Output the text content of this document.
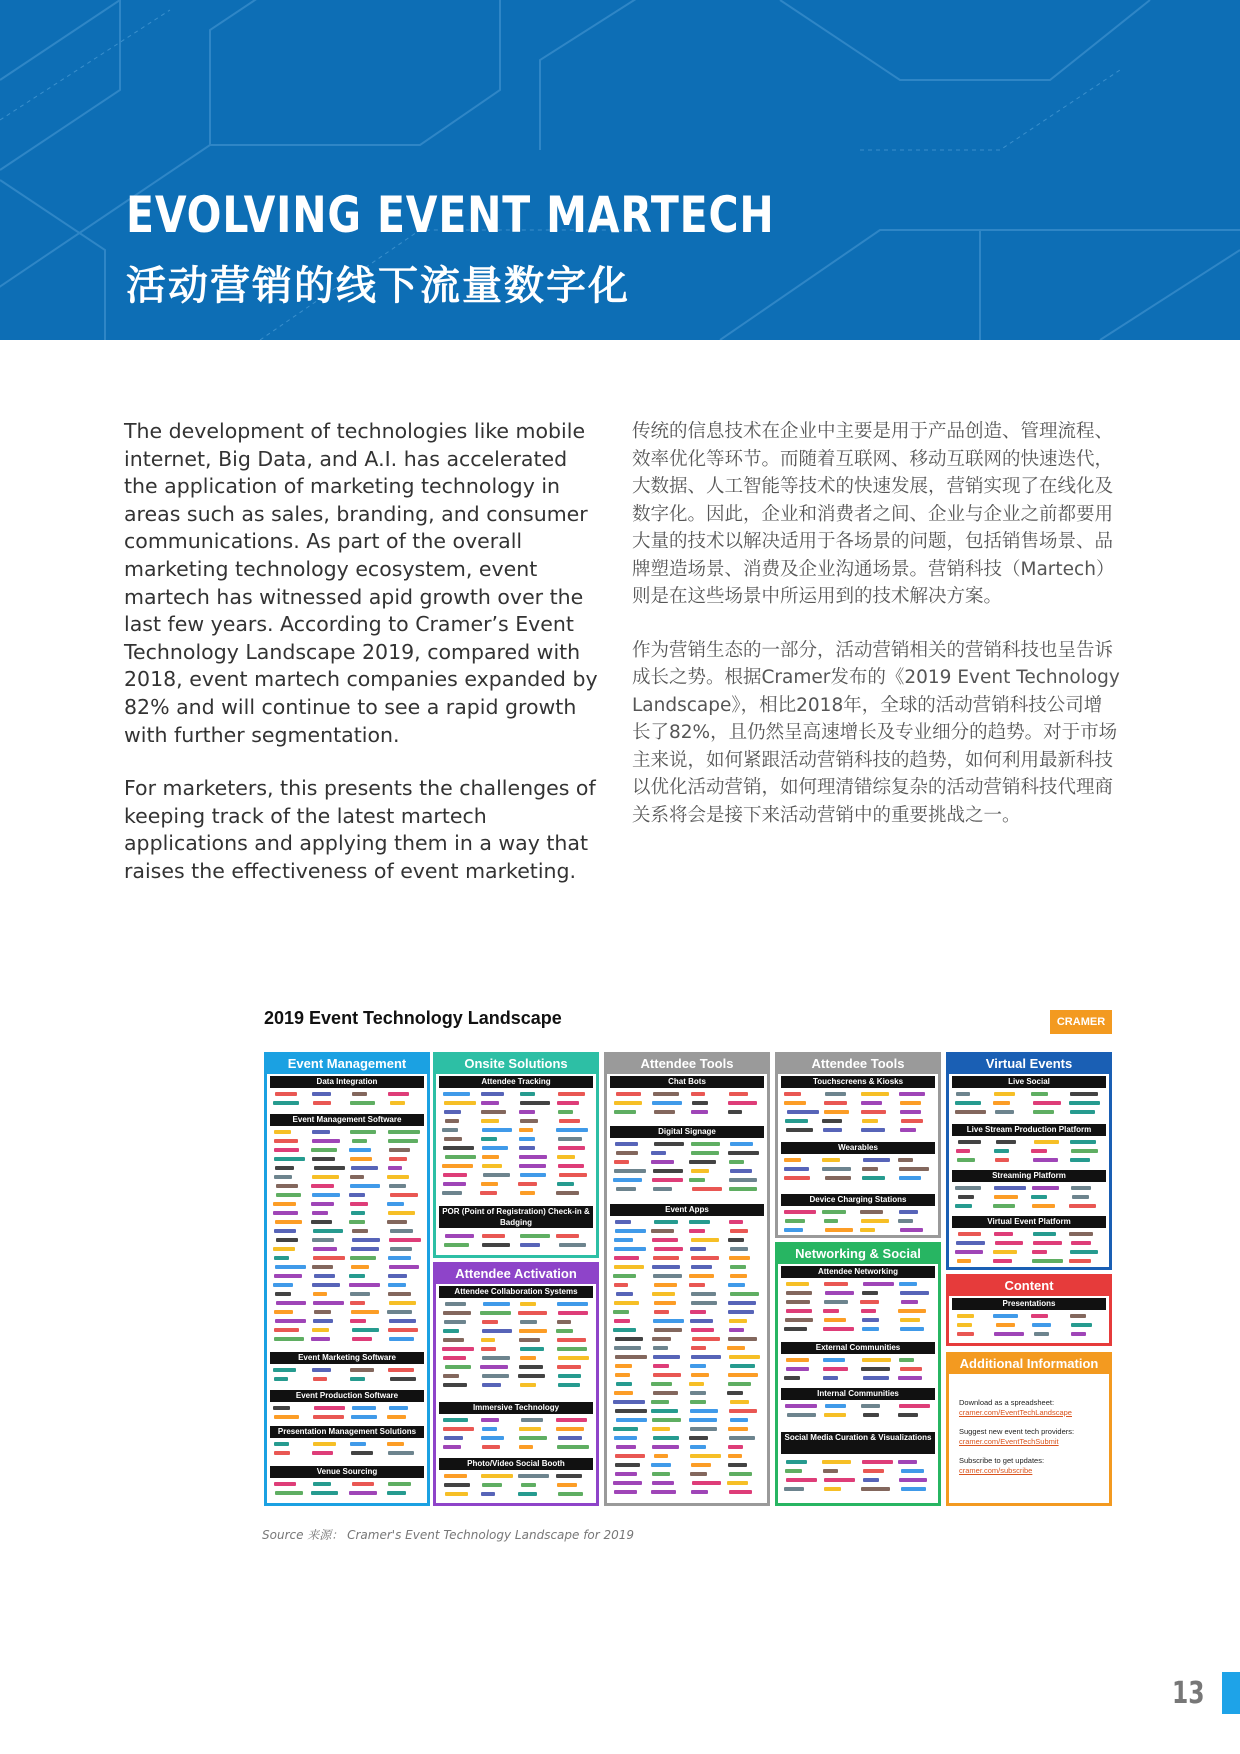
EVOLVING EVENT MARTECH
活动营销的线下流量数字化

The development of technologies like mobile internet, Big Data, and A.I. has accelerated the application of marketing technology in areas such as sales, branding, and consumer communications. As part of the overall marketing technology ecosystem, event martech has witnessed apid growth over the last few years. According to Cramer’s Event Technology Landscape 2019, compared with 2018, event martech companies expanded by 82% and will continue to see a rapid growth with further segmentation.

For marketers, this presents the challenges of keeping track of the latest martech applications and applying them in a way that raises the effectiveness of event marketing.

传统的信息技术在企业中主要是用于产品创造、管理流程、效率优化等环节。而随着互联网、移动互联网的快速迭代，大数据、人工智能等技术的快速发展，营销实现了在线化及数字化。因此，企业和消费者之间、企业与企业之前都要用大量的技术以解决适用于各场景的问题，包括销售场景、品牌塑造场景、消费及企业沟通场景。营销科技（Martech）则是在这些场景中所运用到的技术解决方案。

作为营销生态的一部分，活动营销相关的营销科技也呈告诉成长之势。根据Cramer发布的《2019 Event Technology Landscape》，相比2018年，全球的活动营销科技公司增长了82%，且仍然呈高速增长及专业细分的趋势。对于市场主来说，如何紧跟活动营销科技的趋势，如何利用最新科技以优化活动营销，如何理清错综复杂的活动营销科技代理商关系将会是接下来活动营销中的重要挑战之一。

2019 Event Technology Landscape	CRAMER
Event Management
Data Integration
Event Management Software
Event Marketing Software
Event Production Software
Presentation Management Solutions
Venue Sourcing
Onsite Solutions
Attendee Tracking
POR (Point of Registration) Check-in & Badging
Attendee Activation
Attendee Collaboration Systems
Immersive Technology
Photo/Video Social Booth
Attendee Tools
Chat Bots
Digital Signage
Event Apps
Attendee Tools
Touchscreens & Kiosks
Wearables
Device Charging Stations
Networking & Social
Attendee Networking
External Communities
Internal Communities
Social Media Curation & Visualizations
Virtual Events
Live Social
Live Stream Production Platform
Streaming Platform
Virtual Event Platform
Content
Presentations
Additional Information

Download as a spreadsheet:
cramer.com/EventTechLandscape

Suggest new event tech providers:
cramer.com/EventTechSubmit

Subscribe to get updates:
cramer.com/subscribe

Source 来源： Cramer's Event Technology Landscape for 2019
13
